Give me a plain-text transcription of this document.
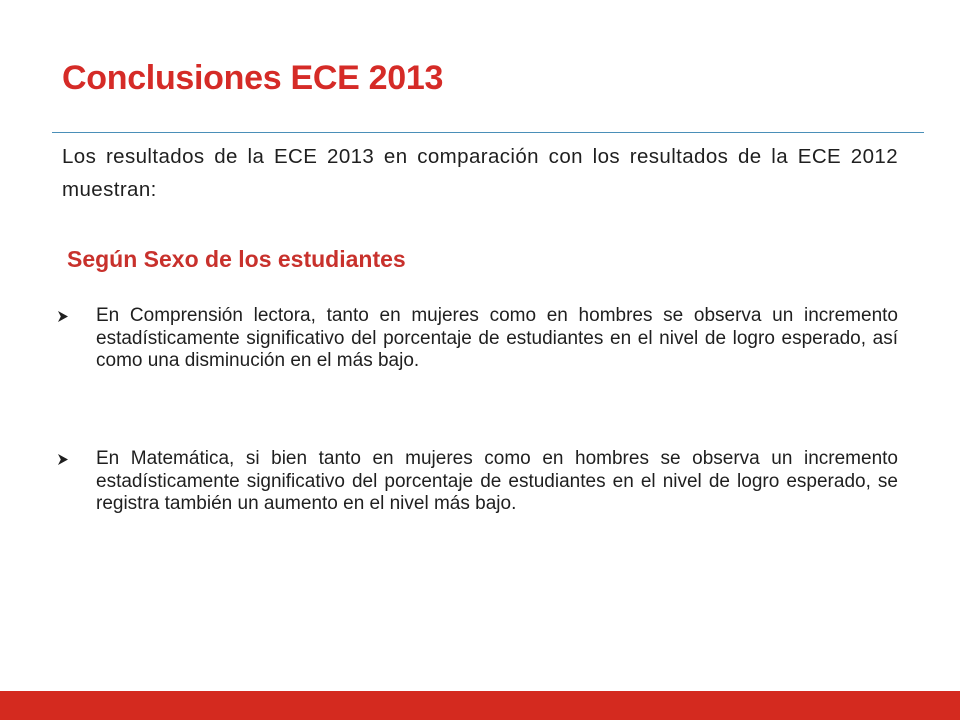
Conclusiones ECE 2013

Los resultados de la ECE 2013 en comparación con los resultados de la ECE 2012 muestran:

Según Sexo de los estudiantes

En Comprensión lectora, tanto en mujeres como en hombres se observa un incremento estadísticamente significativo del porcentaje de estudiantes en el nivel de logro esperado, así como una disminución en el más bajo.

En Matemática, si bien tanto en mujeres como en hombres se observa un incremento estadísticamente significativo del porcentaje de estudiantes en el nivel de logro esperado, se registra también un aumento en el nivel más bajo.
